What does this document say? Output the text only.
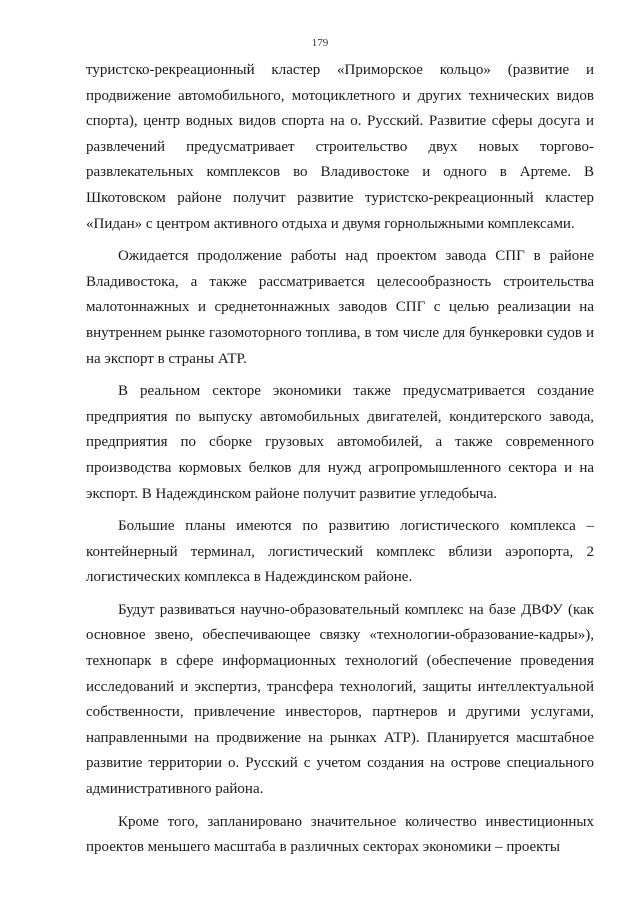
179

туристско-рекреационный кластер «Приморское кольцо» (развитие и продвижение автомобильного, мотоциклетного и других технических видов спорта), центр водных видов спорта на о. Русский. Развитие сферы досуга и развлечений предусматривает строительство двух новых торгово-развлекательных комплексов во Владивостоке и одного в Артеме. В Шкотовском районе получит развитие туристско-рекреационный кластер «Пидан» с центром активного отдыха и двумя горнолыжными комплексами.

Ожидается продолжение работы над проектом завода СПГ в районе Владивостока, а также рассматривается целесообразность строительства малотоннажных и среднетоннажных заводов СПГ с целью реализации на внутреннем рынке газомоторного топлива, в том числе для бункеровки судов и на экспорт в страны АТР.

В реальном секторе экономики также предусматривается создание предприятия по выпуску автомобильных двигателей, кондитерского завода, предприятия по сборке грузовых автомобилей, а также современного производства кормовых белков для нужд агропромышленного сектора и на экспорт. В Надеждинском районе получит развитие угледобыча.

Большие планы имеются по развитию логистического комплекса – контейнерный терминал, логистический комплекс вблизи аэропорта, 2 логистических комплекса в Надеждинском районе.

Будут развиваться научно-образовательный комплекс на базе ДВФУ (как основное звено, обеспечивающее связку «технологии-образование-кадры»), технопарк в сфере информационных технологий (обеспечение проведения исследований и экспертиз, трансфера технологий, защиты интеллектуальной собственности, привлечение инвесторов, партнеров и другими услугами, направленными на продвижение на рынках АТР). Планируется масштабное развитие территории о. Русский с учетом создания на острове специального административного района.

Кроме того, запланировано значительное количество инвестиционных проектов меньшего масштаба в различных секторах экономики – проекты
